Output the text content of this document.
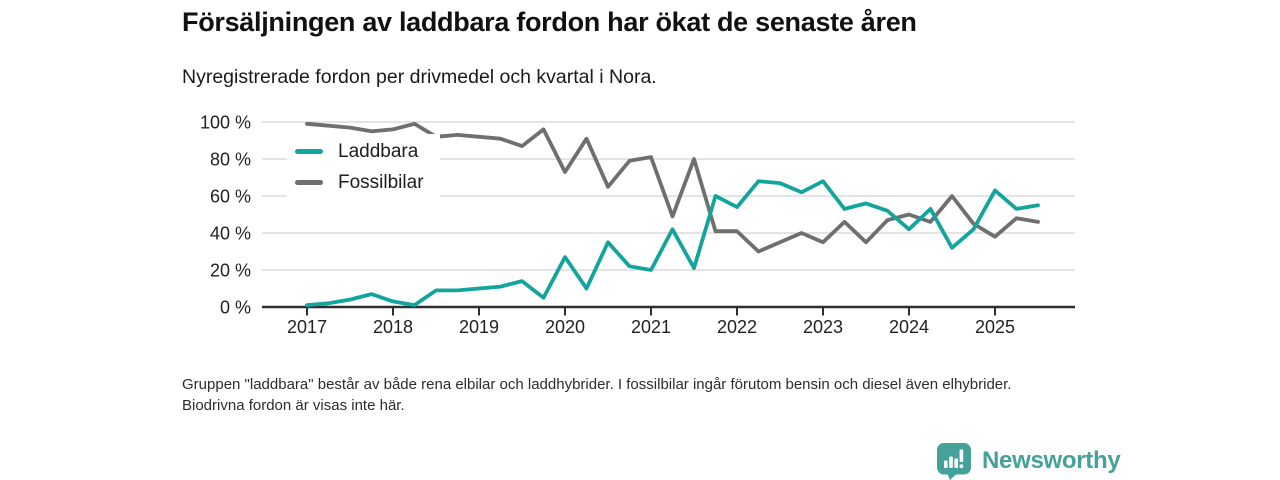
Försäljningen av laddbara fordon har ökat de senaste åren

Nyregistrerade fordon per drivmedel och kvartal i Nora.

0 %
20 %
40 %
60 %
80 %
100 %
2017	2018	2019	2020	2021	2022	2023	2024	2025
Laddbara
Fossilbilar

Gruppen "laddbara" består av både rena elbilar och laddhybrider. I fossilbilar ingår förutom bensin och diesel även elhybrider. Biodrivna fordon är visas inte här.

Newsworthy
